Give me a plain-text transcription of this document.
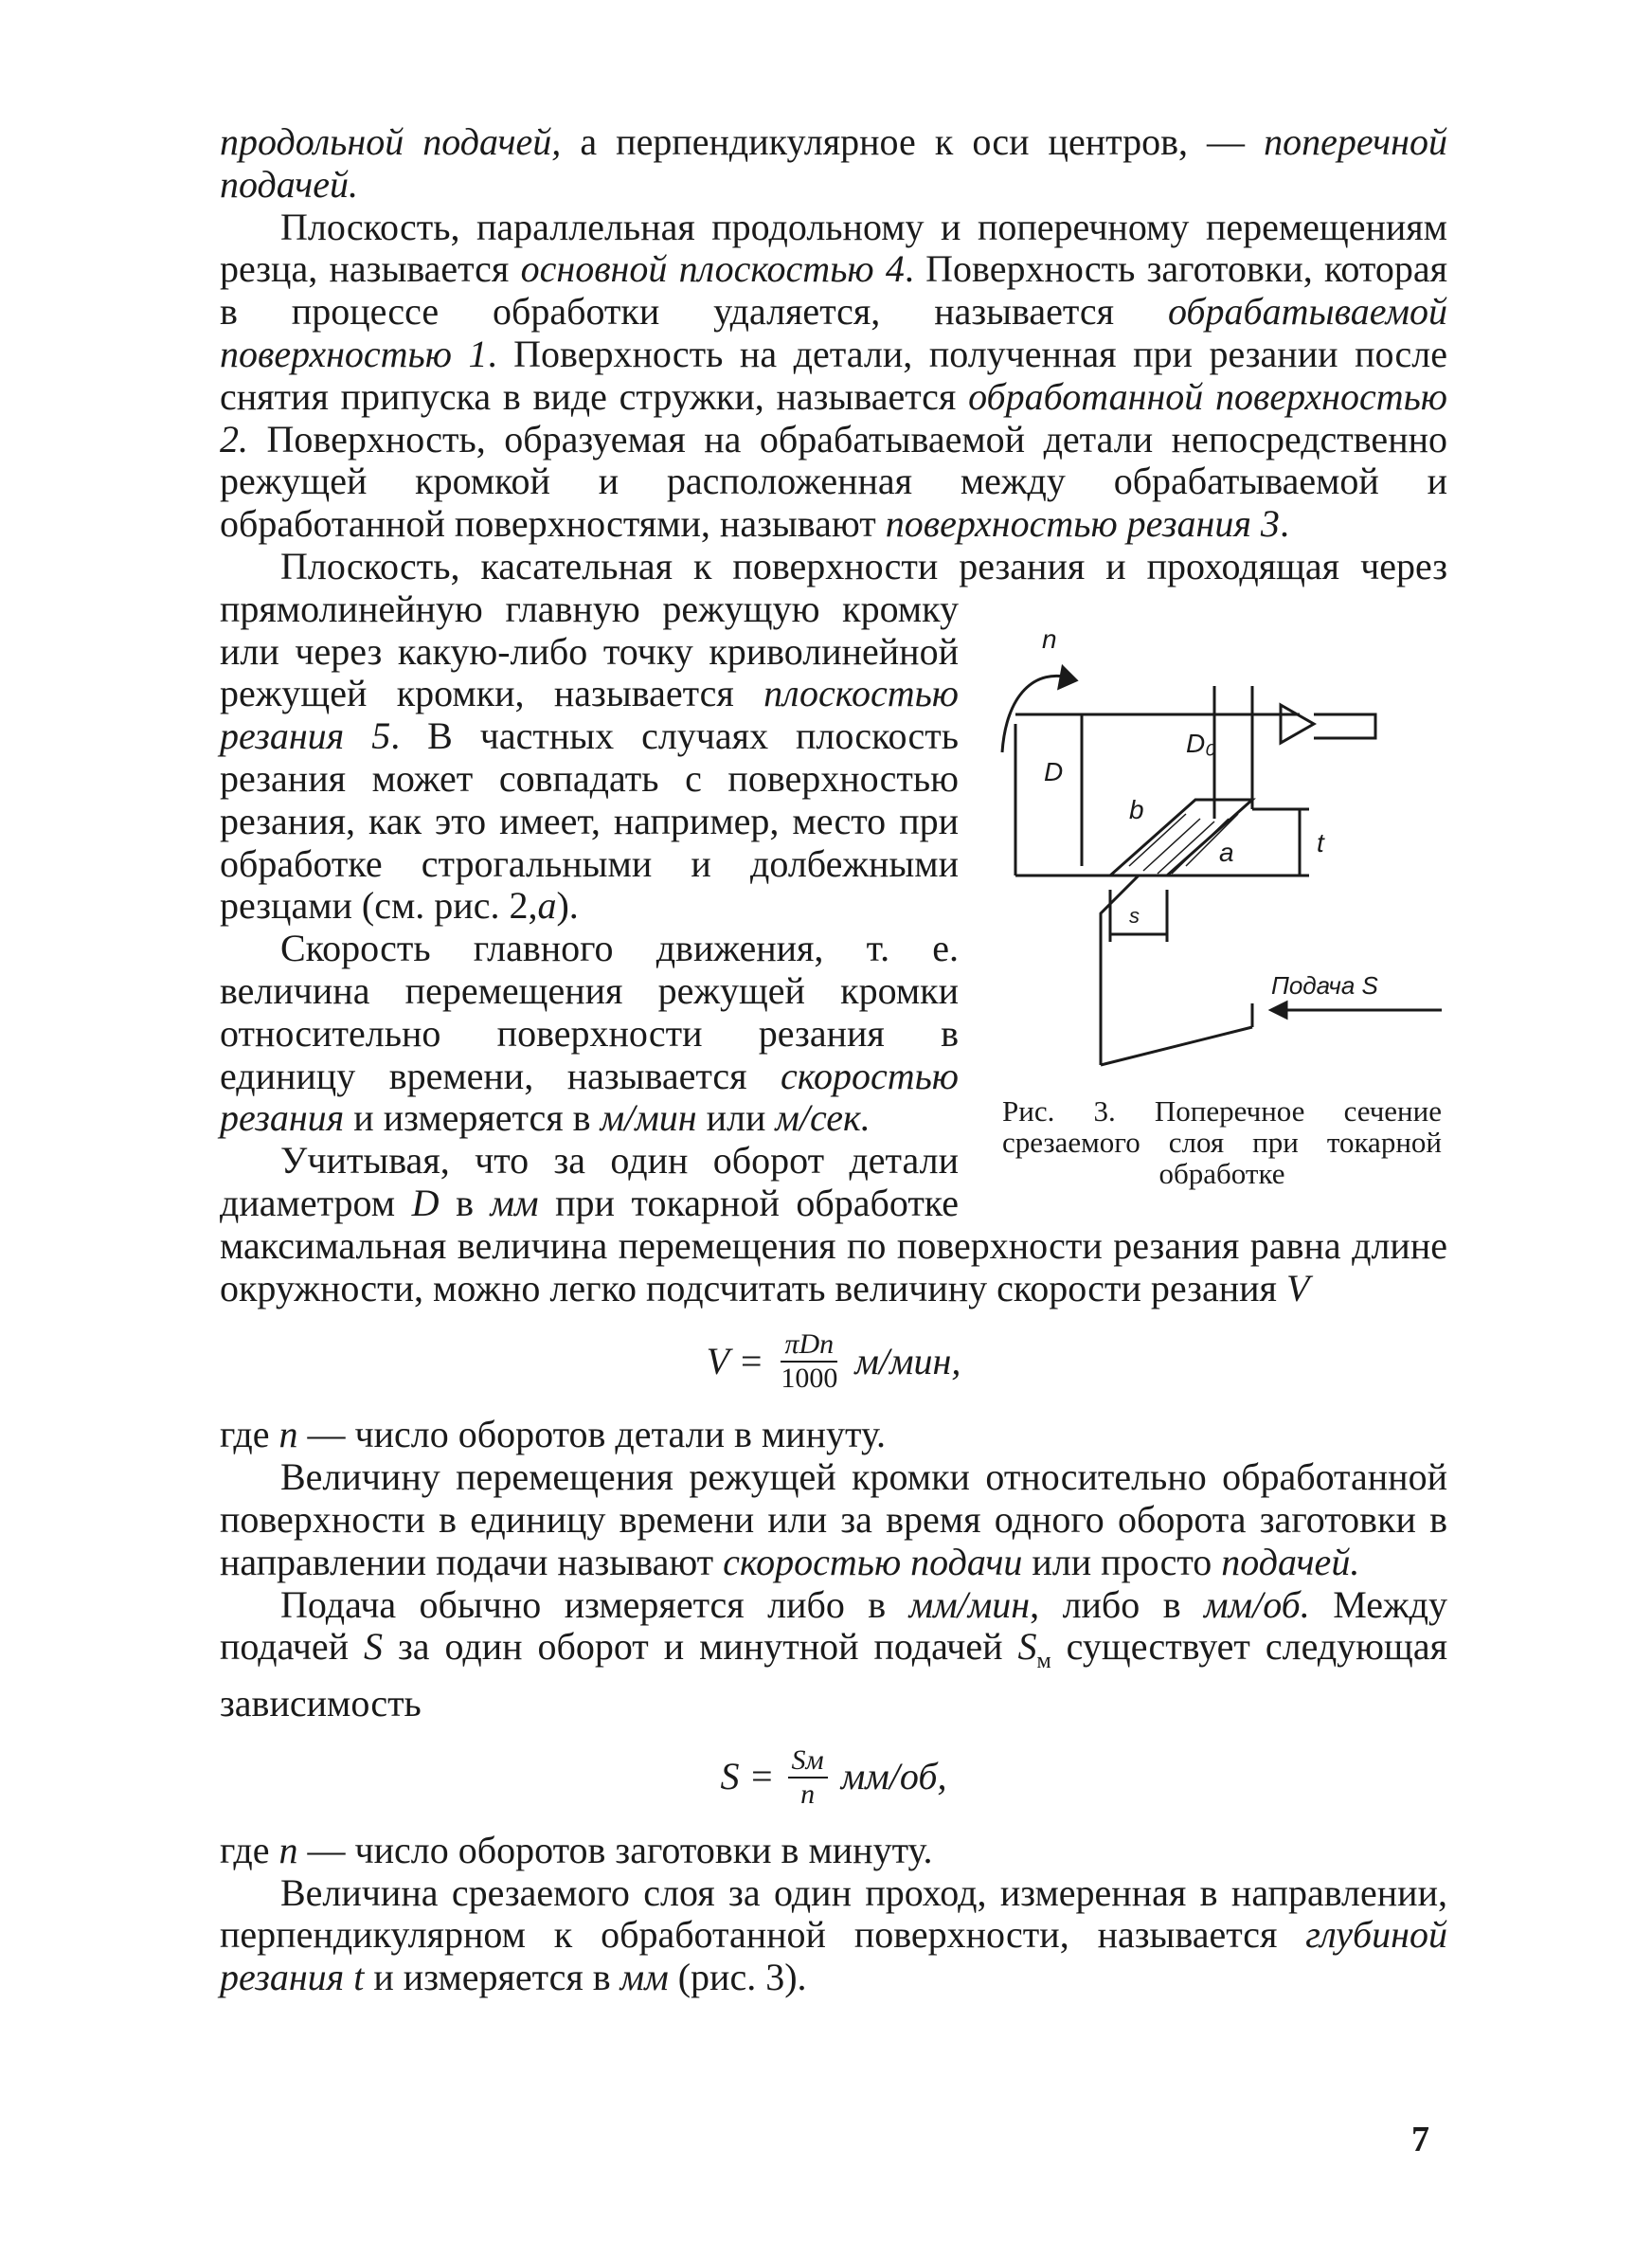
продольной подачей, а перпендикулярное к оси центров, — поперечной подачей.

Плоскость, параллельная продольному и поперечному перемещениям резца, называется основной плоскостью 4. Поверхность заготовки, которая в процессе обработки удаляется, называется обрабатываемой поверхностью 1. Поверхность на детали, полученная при резании после снятия припуска в виде стружки, называется обработанной поверхностью 2. Поверхность, образуемая на обрабатываемой детали непосредственно режущей кромкой и расположенная между обрабатываемой и обработанной поверхностями, называют поверхностью резания 3.

n
D
D₀
b
a	t
s
Подача S
Рис. 3. Поперечное сечение срезаемого слоя при токарной обработке

Плоскость, касательная к поверхности резания и проходящая через прямолинейную главную режущую кромку или через какую-либо точку криволинейной режущей кромки, называется плоскостью резания 5. В частных случаях плоскость резания может совпадать с поверхностью резания, как это имеет, например, место при обработке строгальными и долбежными резцами (см. рис. 2,а).

Скорость главного движения, т. е. величина перемещения режущей кромки относительно поверхности резания в единицу времени, называется скоростью резания и измеряется в м/мин или м/сек.

Учитывая, что за один оборот детали диаметром D в мм при токарной обработке максимальная величина перемещения по поверхности резания равна длине окружности, можно легко подсчитать величину скорости резания V

$V = \frac{\text{πDn}}{1000} м/мин$,

где n — число оборотов детали в минуту.

Величину перемещения режущей кромки относительно обработанной поверхности в единицу времени или за время одного оборота заготовки в направлении подачи называют скоростью подачи или просто подачей.

Подача обычно измеряется либо в мм/мин, либо в мм/об. Между подачей S за один оборот и минутной подачей $S_м$ существует следующая зависимость

$S = \frac{Sм}{n} мм/об$,

где n — число оборотов заготовки в минуту.

Величина срезаемого слоя за один проход, измеренная в направлении, перпендикулярном к обработанной поверхности, называется глубиной резания t и измеряется в мм (рис. 3).

7
